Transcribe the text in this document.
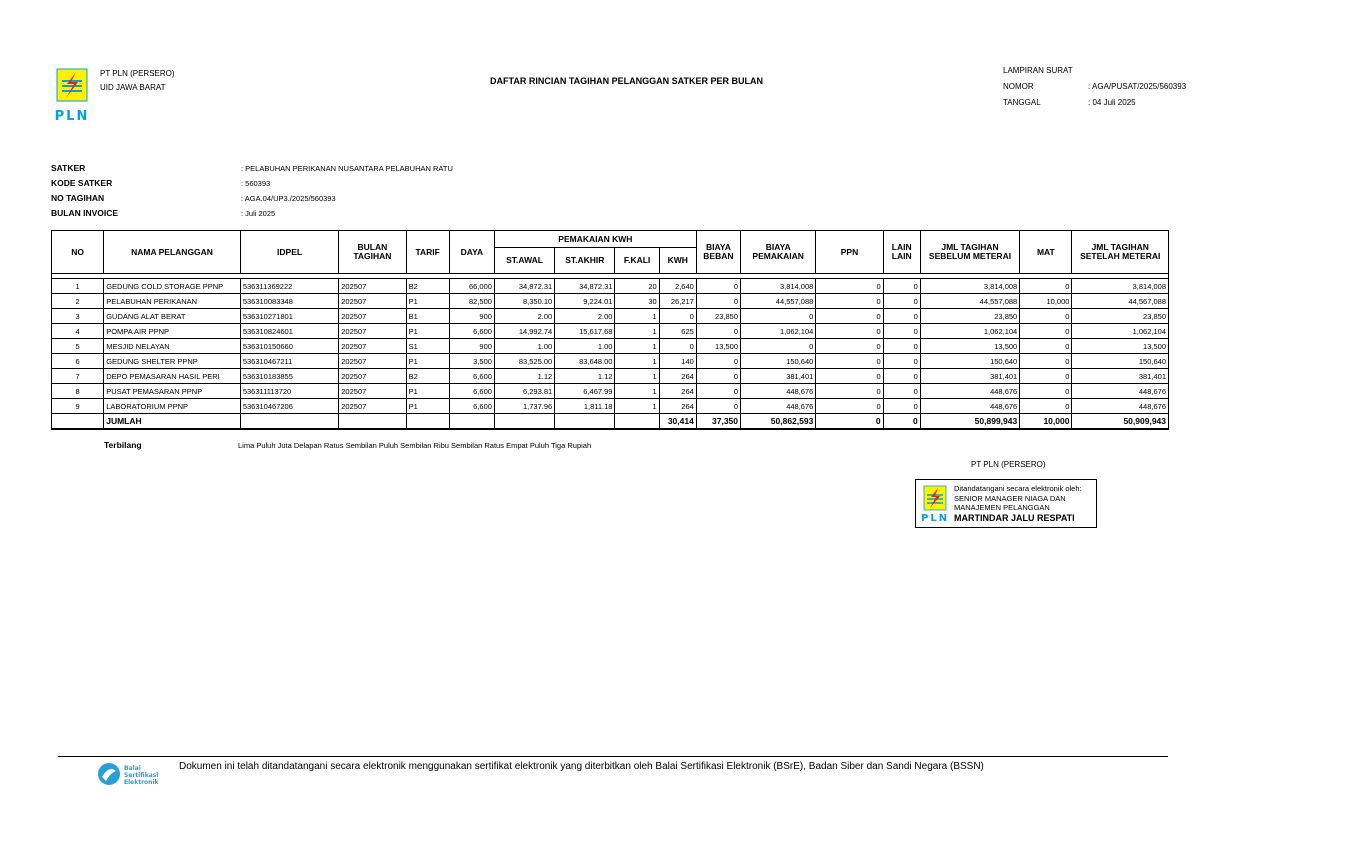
PLN
PT PLN (PERSERO)
UID JAWA BARAT
DAFTAR RINCIAN TAGIHAN PELANGGAN SATKER PER BULAN
LAMPIRAN SURAT
NOMOR	: AGA/PUSAT/2025/560393
TANGGAL	: 04 Juli 2025
SATKER	: PELABUHAN PERIKANAN NUSANTARA PELABUHAN RATU
KODE SATKER	: 560393
NO TAGIHAN	: AGA.04/UP3./2025/560393
BULAN INVOICE	: Juli 2025
NO	NAMA PELANGGAN	IDPEL	BULAN TAGIHAN	TARIF	DAYA	PEMAKAIAN KWH				BIAYA BEBAN	BIAYA PEMAKAIAN	PPN	LAIN LAIN	JML TAGIHAN SEBELUM METERAI	MAT	JML TAGIHAN SETELAH METERAI
						ST.AWAL	ST.AKHIR	F.KALI	KWH							

1	GEDUNG COLD STORAGE PPNP	536311369222	202507	B2	66,000	34,872.31	34,872.31	20	2,640	0	3,814,008	0	0	3,814,008	0	3,814,008
2	PELABUHAN PERIKANAN	536310083348	202507	P1	82,500	8,350.10	9,224.01	30	26,217	0	44,557,088	0	0	44,557,088	10,000	44,567,088
3	GUDANG ALAT BERAT	536310271801	202507	B1	900	2.00	2.00	1	0	23,850	0	0	0	23,850	0	23,850
4	POMPA AIR PPNP	536310824601	202507	P1	6,600	14,992.74	15,617.68	1	625	0	1,062,104	0	0	1,062,104	0	1,062,104
5	MESJID NELAYAN	536310150660	202507	S1	900	1.00	1.00	1	0	13,500	0	0	0	13,500	0	13,500
6	GEDUNG SHELTER PPNP	536310467211	202507	P1	3,500	83,525.00	83,648.00	1	140	0	150,640	0	0	150,640	0	150,640
7	DEPO PEMASARAN HASIL PERI	536310183855	202507	B2	6,600	1.12	1.12	1	264	0	381,401	0	0	381,401	0	381,401
8	PUSAT PEMASARAN PPNP	536311113720	202507	P1	6,600	6,293.81	6,467.99	1	264	0	448,676	0	0	448,676	0	448,676
9	LABORATORIUM PPNP	536310467206	202507	P1	6,600	1,737.96	1,811.18	1	264	0	448,676	0	0	448,676	0	448,676
	JUMLAH								30,414	37,350	50,862,593	0	0	50,899,943	10,000	50,909,943
Terbilang	Lima Puluh Juta Delapan Ratus Sembilan Puluh Sembilan Ribu Sembilan Ratus Empat Puluh Tiga Rupiah
PT PLN (PERSERO)
PLN
Ditandatangani secara elektronik oleh:
SENIOR MANAGER NIAGA DAN MANAJEMEN PELANGGAN
MARTINDAR JALU RESPATI
Balai
Sertifikasi
Elektronik
Dokumen ini telah ditandatangani secara elektronik menggunakan sertifikat elektronik yang diterbitkan oleh Balai Sertifikasi Elektronik (BSrE), Badan Siber dan Sandi Negara (BSSN)
